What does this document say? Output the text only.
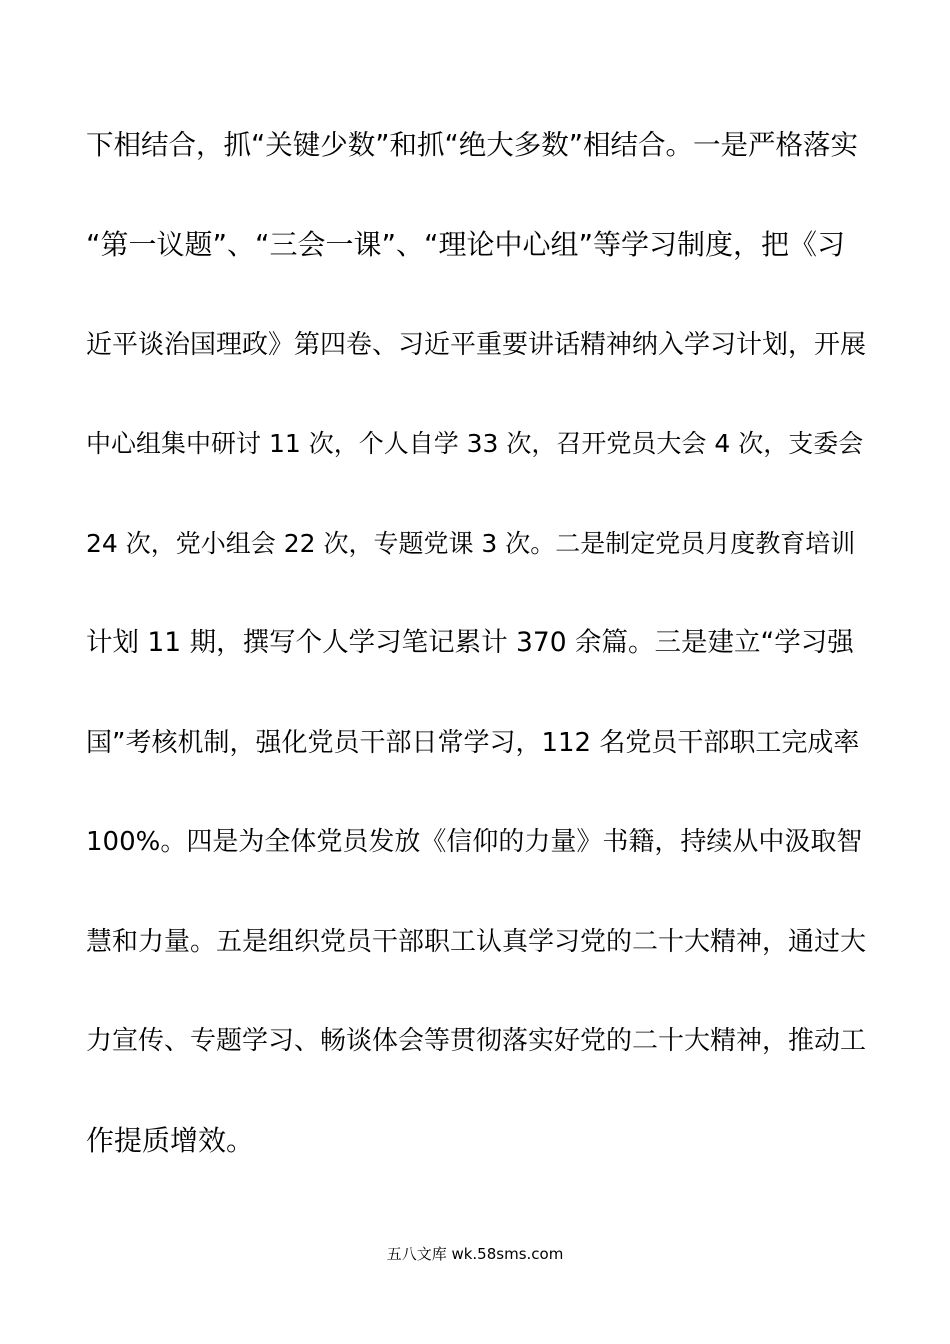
下相结合，抓“关键少数”和抓“绝大多数”相结合。一是严格落实
“第一议题”、“三会一课”、“理论中心组”等学习制度，把《习
近平谈治国理政》第四卷、习近平重要讲话精神纳入学习计划，开展
中心组集中研讨 11 次，个人自学 33 次，召开党员大会 4 次，支委会
24 次，党小组会 22 次，专题党课 3 次。二是制定党员月度教育培训
计划 11 期，撰写个人学习笔记累计 370 余篇。三是建立“学习强
国”考核机制，强化党员干部日常学习，112 名党员干部职工完成率
100%。四是为全体党员发放《信仰的力量》书籍，持续从中汲取智
慧和力量。五是组织党员干部职工认真学习党的二十大精神，通过大
力宣传、专题学习、畅谈体会等贯彻落实好党的二十大精神，推动工
作提质增效。
五八文库 wk.58sms.com
